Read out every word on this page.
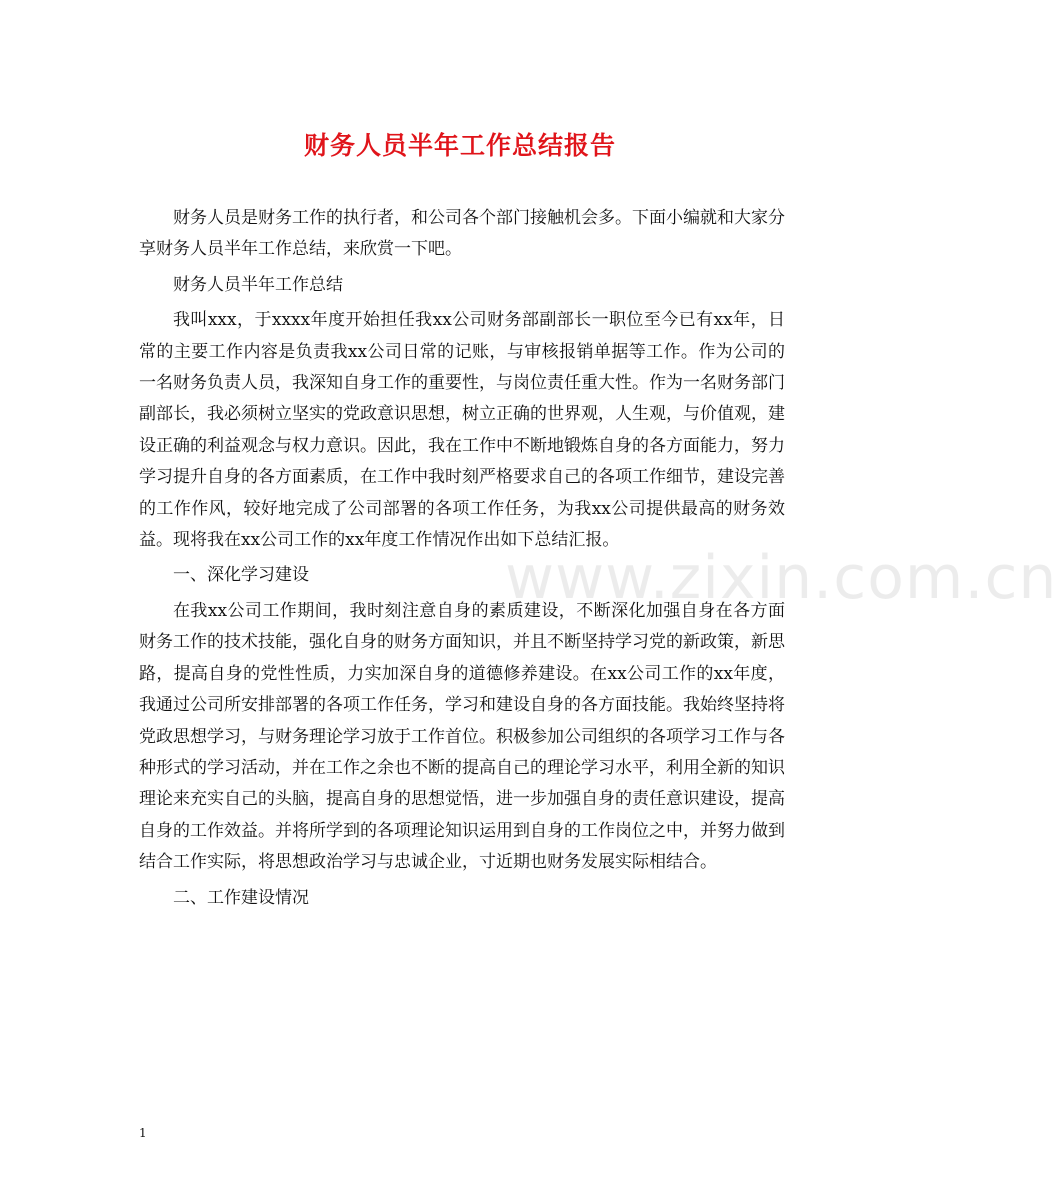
财务人员半年工作总结报告

财务人员是财务工作的执行者，和公司各个部门接触机会多。下面小编就和大家分享财务人员半年工作总结，来欣赏一下吧。

财务人员半年工作总结

我叫xxx，于xxxx年度开始担任我xx公司财务部副部长一职位至今已有xx年，日常的主要工作内容是负责我xx公司日常的记账，与审核报销单据等工作。作为公司的一名财务负责人员，我深知自身工作的重要性，与岗位责任重大性。作为一名财务部门副部长，我必须树立坚实的党政意识思想，树立正确的世界观，人生观，与价值观，建设正确的利益观念与权力意识。因此，我在工作中不断地锻炼自身的各方面能力，努力学习提升自身的各方面素质，在工作中我时刻严格要求自己的各项工作细节，建设完善的工作作风，较好地完成了公司部署的各项工作任务，为我xx公司提供最高的财务效益。现将我在xx公司工作的xx年度工作情况作出如下总结汇报。

一、深化学习建设

在我xx公司工作期间，我时刻注意自身的素质建设，不断深化加强自身在各方面财务工作的技术技能，强化自身的财务方面知识，并且不断坚持学习党的新政策，新思路，提高自身的党性性质，力实加深自身的道德修养建设。在xx公司工作的xx年度，我通过公司所安排部署的各项工作任务，学习和建设自身的各方面技能。我始终坚持将党政思想学习，与财务理论学习放于工作首位。积极参加公司组织的各项学习工作与各种形式的学习活动，并在工作之余也不断的提高自己的理论学习水平，利用全新的知识理论来充实自己的头脑，提高自身的思想觉悟，进一步加强自身的责任意识建设，提高自身的工作效益。并将所学到的各项理论知识运用到自身的工作岗位之中，并努力做到结合工作实际，将思想政治学习与忠诚企业，寸近期也财务发展实际相结合。

二、工作建设情况

www.zixin.com.cn
1
